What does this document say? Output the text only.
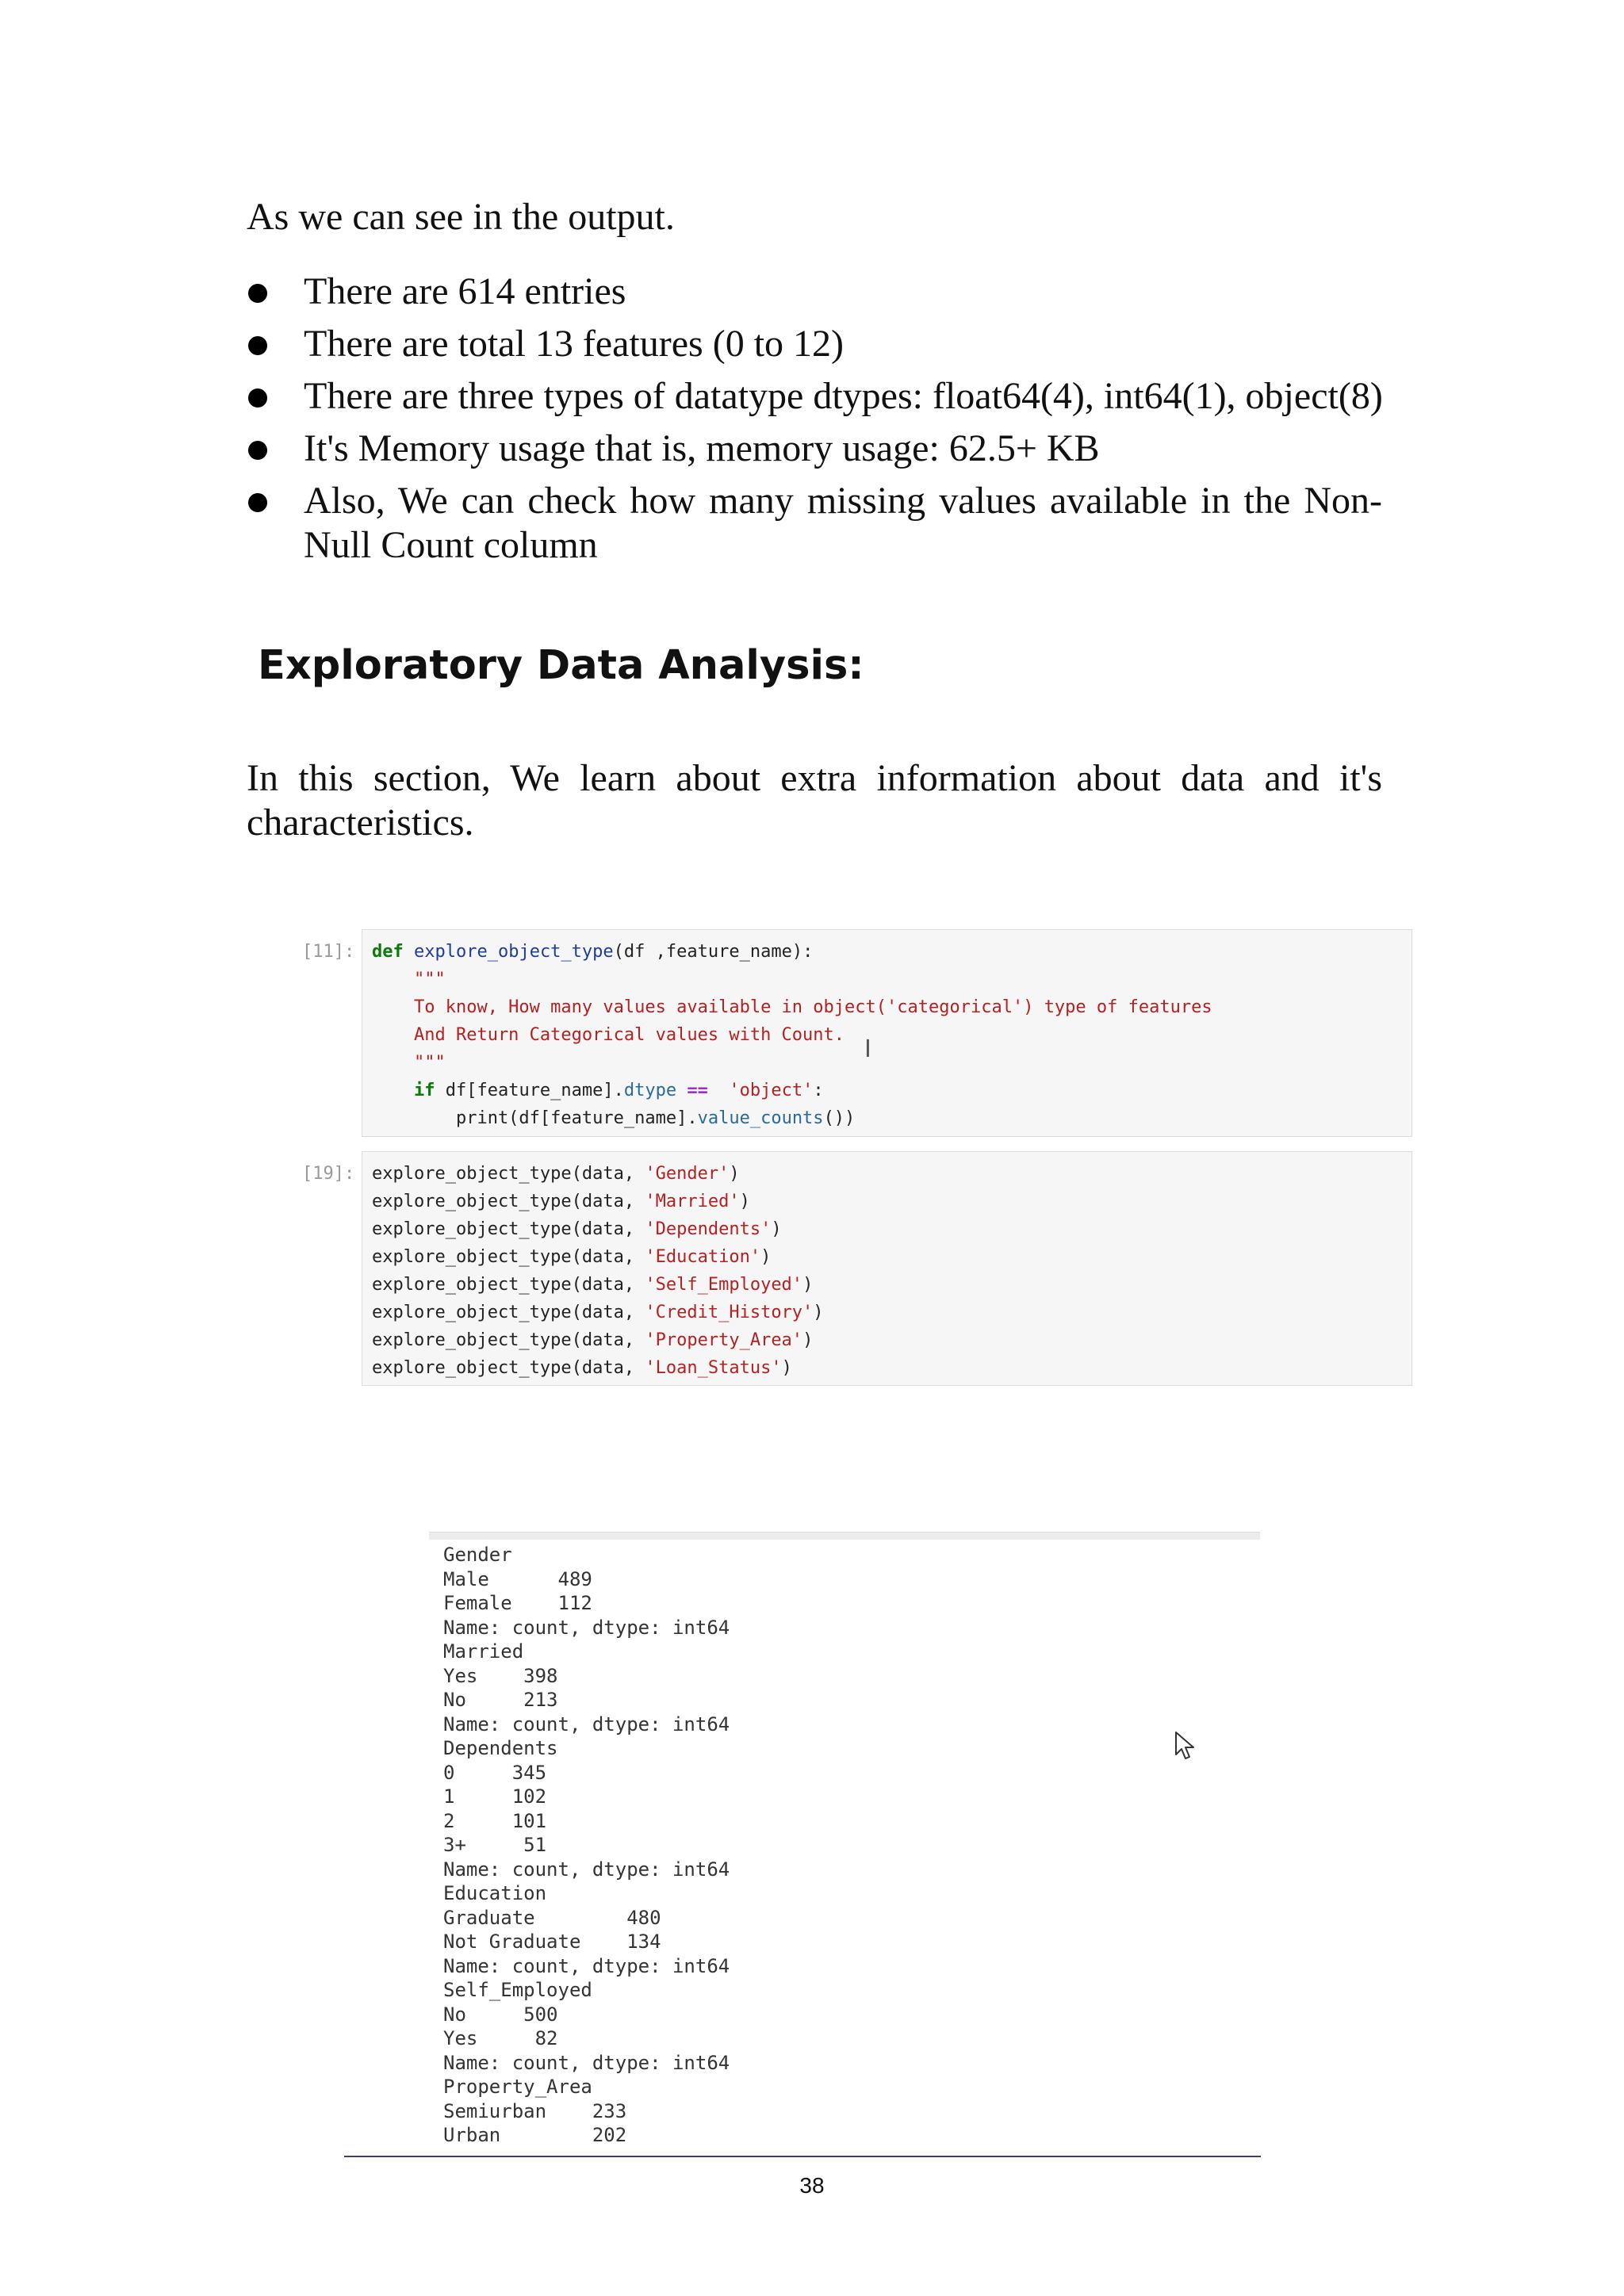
As we can see in the output.

There are 614 entries
There are total 13 features (0 to 12)
There are three types of datatype dtypes: float64(4), int64(1), object(8)
It's Memory usage that is, memory usage: 62.5+ KB
Also, We can check how many missing values available in the Non-Null Count column
Exploratory Data Analysis:

In this section, We learn about extra information about data and it's characteristics.

[11]: def explore_object_type(df ,feature_name):
"""
To know, How many values available in object('categorical') type of features
And Return Categorical values with Count.
"""
if df[feature_name].dtype == 'object':
print(df[feature_name].value_counts())
I
[19]: explore_object_type(data, 'Gender')
explore_object_type(data, 'Married')
explore_object_type(data, 'Dependents')
explore_object_type(data, 'Education')
explore_object_type(data, 'Self_Employed')
explore_object_type(data, 'Credit_History')
explore_object_type(data, 'Property_Area')
explore_object_type(data, 'Loan_Status')
Gender
Male      489
Female    112
Name: count, dtype: int64
Married
Yes    398
No     213
Name: count, dtype: int64
Dependents
0     345
1     102
2     101
3+     51
Name: count, dtype: int64
Education
Graduate        480
Not Graduate    134
Name: count, dtype: int64
Self_Employed
No     500
Yes     82
Name: count, dtype: int64
Property_Area
Semiurban    233
Urban        202
38
